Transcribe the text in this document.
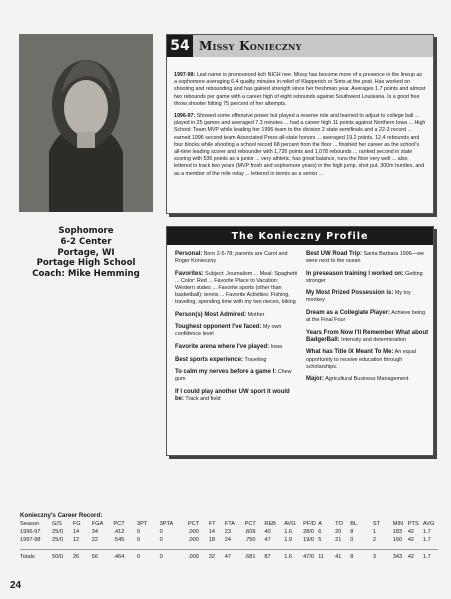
Sophomore
6-2 Center
Portage, WI
Portage High School
Coach: Mike Hemming
54 Missy Konieczny

1997-98: Last name is pronounced koh NICH nee. Missy has become more of a presence in the lineup as a sophomore averaging 6.4 quality minutes in relief of Klapperich or Sims at the post. Has worked on shooting and rebounding and has gained strength since her freshman year. Averages 1.7 points and almost two rebounds per game with a career high of eight rebounds against Southwest Louisiana. Is a good free throw shooter hitting 75 percent of her attempts.

1996-97: Showed some offensive power but played a reserve role and learned to adjust to college ball ... played in 25 games and averaged 7.3 minutes ... had a career high 11 points against Northern Iowa ... High School: Team MVP while leading her 1996 team to the division 2 state semifinals and a 22-3 record ... earned 1996 second team Associated Press all-state honors ... averaged 19.2 points, 12.4 rebounds and four blocks while shooting a school record 68 percent from the floor ... finished her career as the school's all-time leading scorer and rebounder with 1,726 points and 1,078 rebounds ... ranked second in state scoring with 536 points as a junior ... very athletic, has great balance, runs the floor very well ... also lettered in track two years (MVP frosh and sophomore years) in the high jump, shot put, 300m hurdles, and as a member of the mile relay ... lettered in tennis as a senior ...

The Konieczny Profile
Personal: Born 2-5-78; parents are Carol and Roger Konieczny
Favorites: Subject: Journalism ... Meal: Spaghetti ... Color: Red ... Favorite Place to Vacation: Western states ... Favorite sports (other than basketball): tennis ... Favorite Activities: Fishing, traveling, spending time with my two nieces, biking
Person(s) Most Admired: Mother
Toughest opponent I've faced: My own confidence level
Favorite arena where I've played: Iowa
Best sports experience: Traveling
To calm my nerves before a game I: Chew gum
If I could play another UW sport it would be: Track and field
Best UW Road Trip: Santa Barbara 1996—we were next to the ocean
In preseason training I worked on: Getting stronger
My Most Prized Possession is: My toy monkey
Dream as a Collegiate Player: Achieve being at the Final Four
Years From Now I'll Remember What about BadgerBall: Intensity and determination
What has Title IX Meant To Me: An equal opportunity to receive education through scholarships.
Major: Agricultural Business Management
Konieczny's Career Record:
Season	G/S	FG	FGA	PCT	3PT	3PTA	PCT	FT	FTA	PCT	REB	AVG	PF/D A	TO	BL	ST	MIN PTS AVG
1996-97	25/0	14	34	.412	0	0	.000	14	23	.609	40	1.6	28/0 6	20	8	1	183	42	1.7
1997-98	25/0	12	22	.545	0	0	.000	18	24	.750	47	1.9	19/0 5	21	0	2	160	42	1.7
Totals	50/0	26	56	.464	0	0	.000	32	47	.681	87	1.6	47/0 11	41	8	3	343	42	1.7
24
